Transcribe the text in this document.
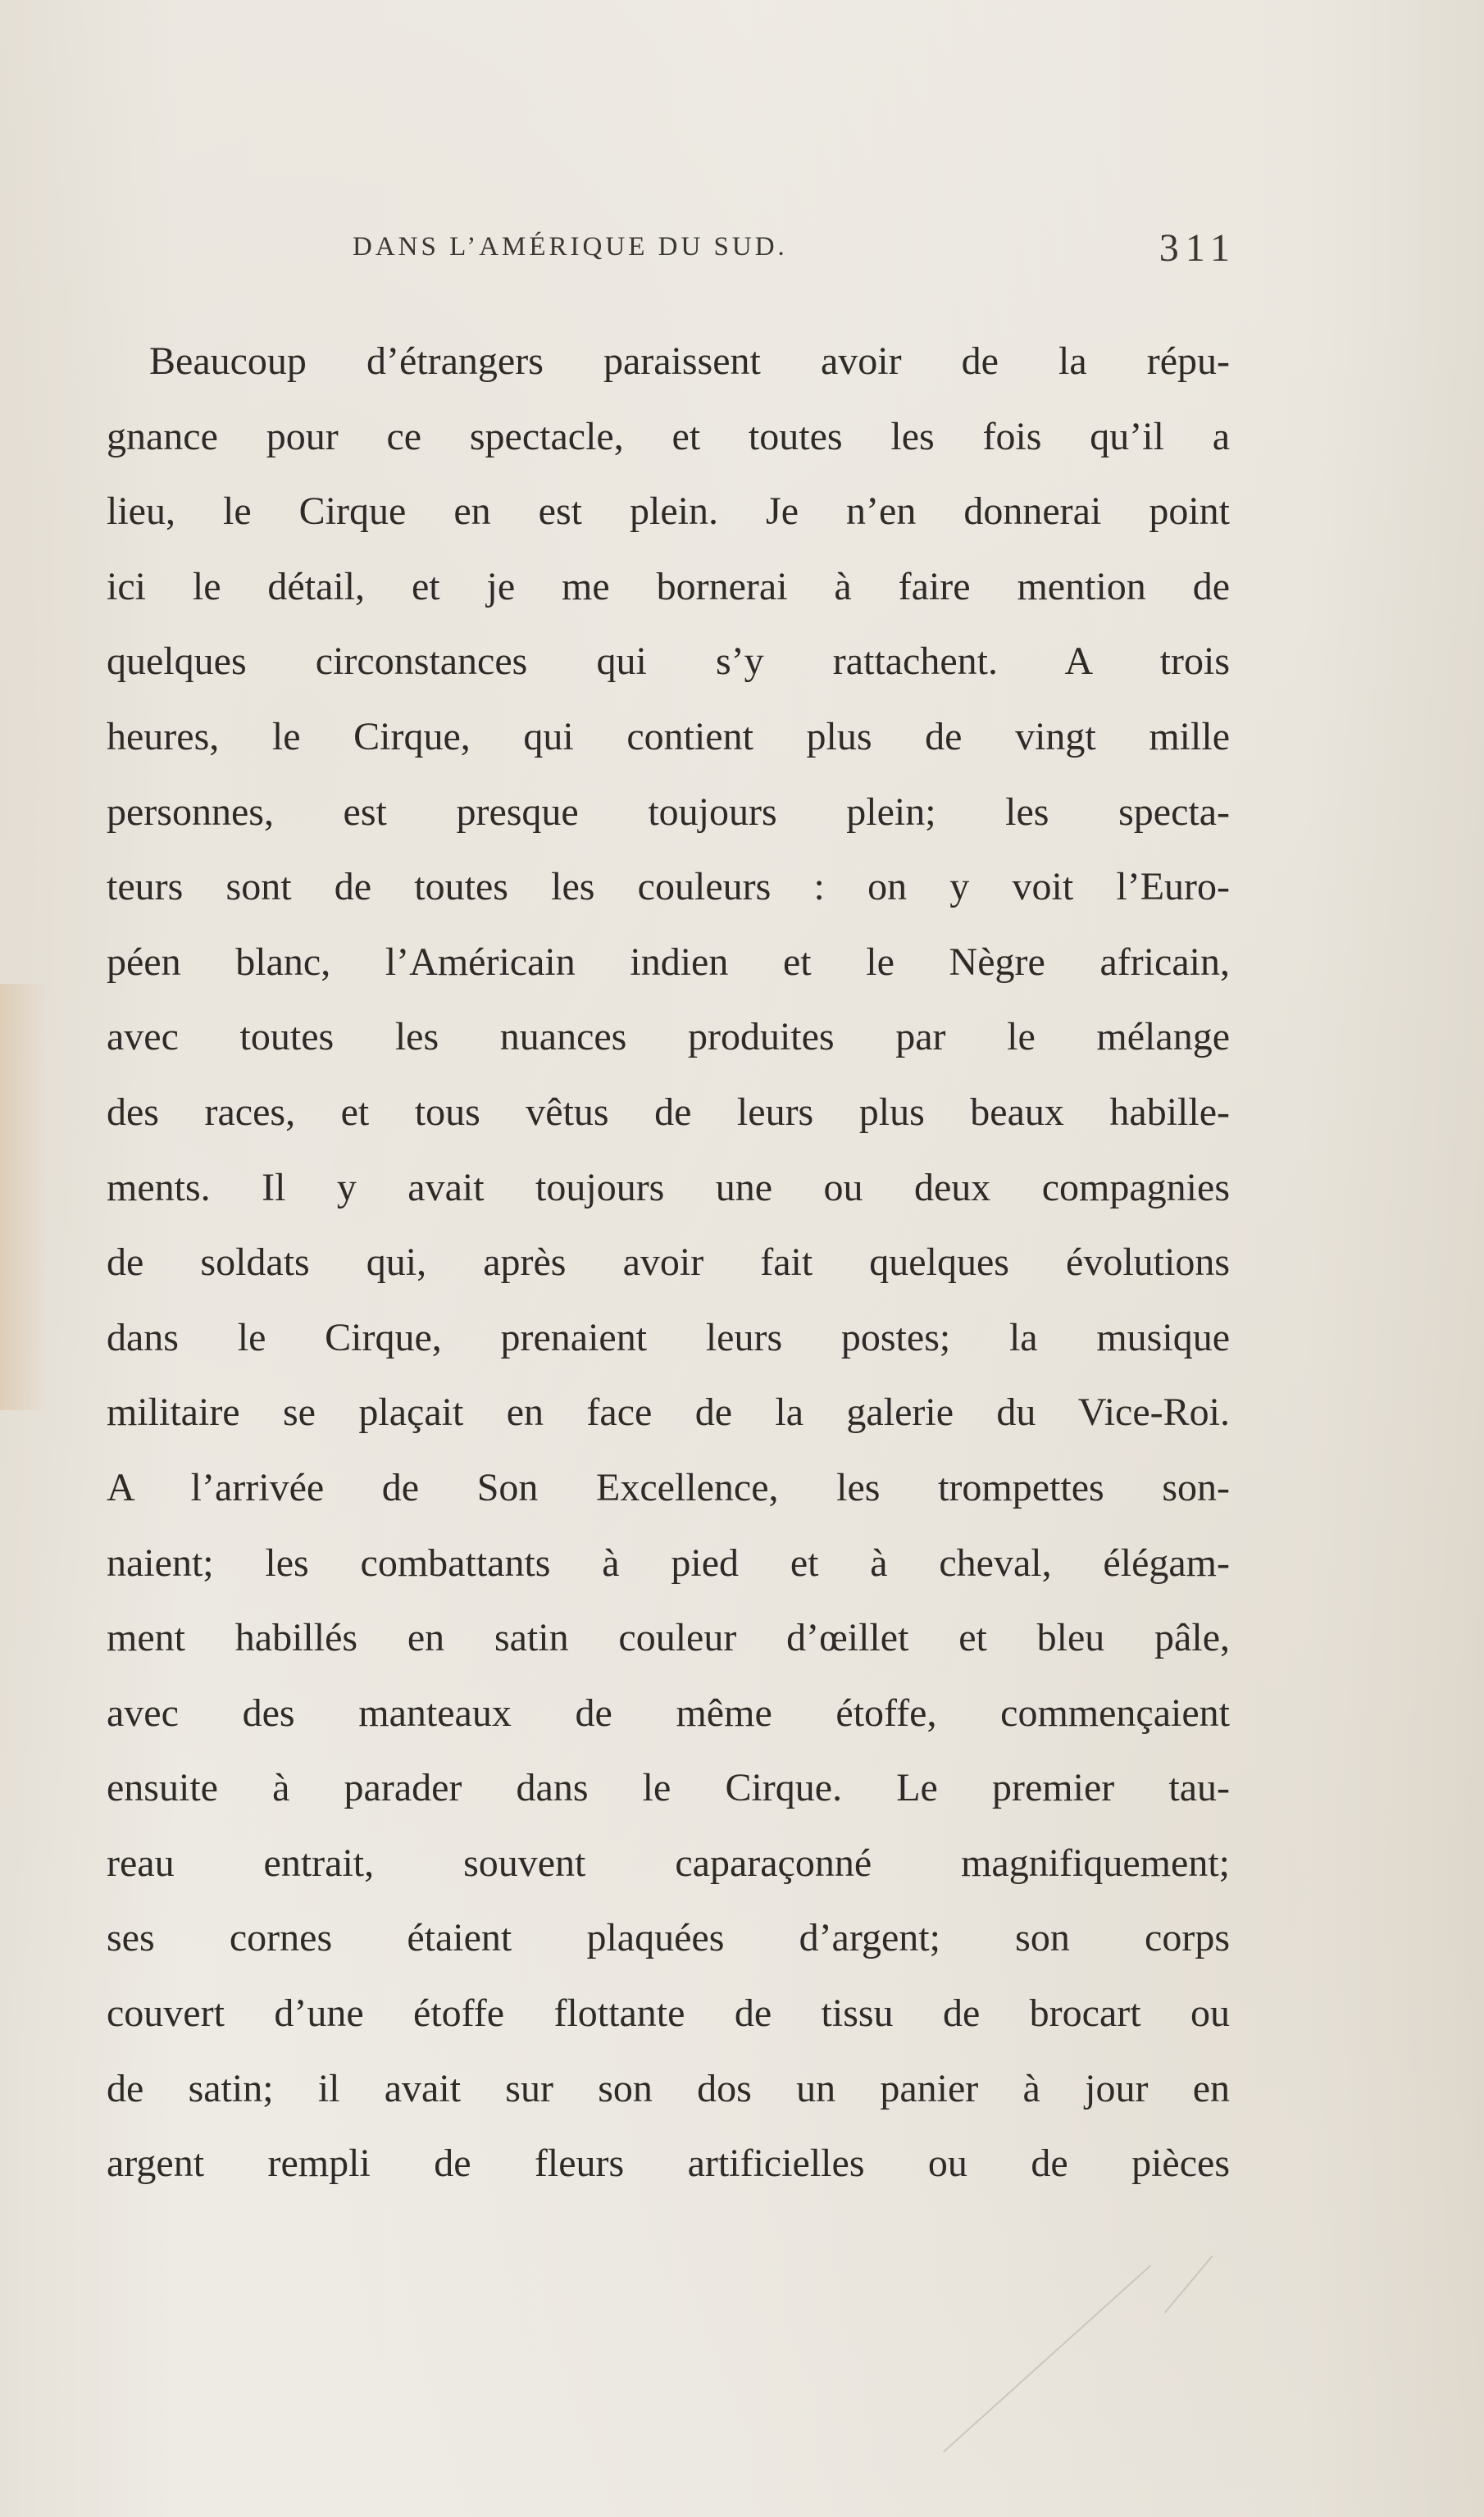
DANS L’AMÉRIQUE DU SUD.	311
Beaucoup d’étrangers paraissent avoir de la répu-
gnance pour ce spectacle, et toutes les fois qu’il a
lieu, le Cirque en est plein. Je n’en donnerai point
ici le détail, et je me bornerai à faire mention de
quelques circonstances qui s’y rattachent. A trois
heures, le Cirque, qui contient plus de vingt mille
personnes, est presque toujours plein; les specta-
teurs sont de toutes les couleurs : on y voit l’Euro-
péen blanc, l’Américain indien et le Nègre africain,
avec toutes les nuances produites par le mélange
des races, et tous vêtus de leurs plus beaux habille-
ments. Il y avait toujours une ou deux compagnies
de soldats qui, après avoir fait quelques évolutions
dans le Cirque, prenaient leurs postes; la musique
militaire se plaçait en face de la galerie du Vice-Roi.
A l’arrivée de Son Excellence, les trompettes son-
naient; les combattants à pied et à cheval, élégam-
ment habillés en satin couleur d’œillet et bleu pâle,
avec des manteaux de même étoffe, commençaient
ensuite à parader dans le Cirque. Le premier tau-
reau entrait, souvent caparaçonné magnifiquement;
ses cornes étaient plaquées d’argent; son corps
couvert d’une étoffe flottante de tissu de brocart ou
de satin; il avait sur son dos un panier à jour en
argent rempli de fleurs artificielles ou de pièces
